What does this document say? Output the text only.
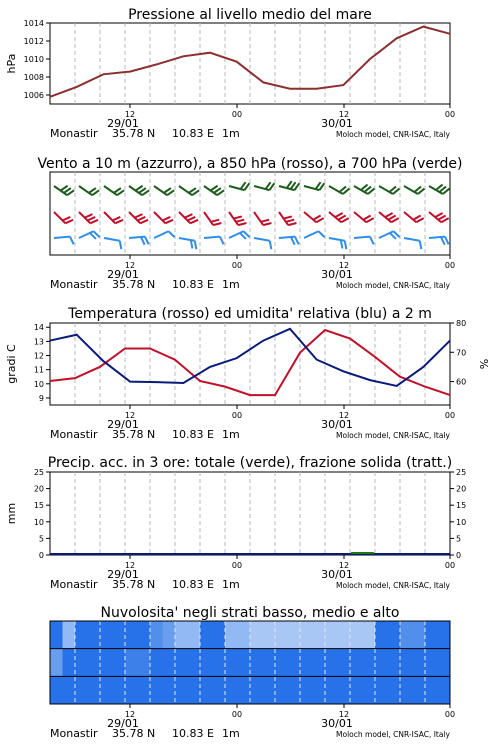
Pressione al livello medio del mare
1006
1008
1010
1012
1014
hPa
12	00	12	00
29/01	30/01
Monastir 35.78 N 10.83 E 1m	Moloch model, CNR-ISAC, Italy
Vento a 10 m (azzurro), a 850 hPa (rosso), a 700 hPa (verde)
12	00	12	00
29/01	30/01
Monastir 35.78 N 10.83 E 1m	Moloch model, CNR-ISAC, Italy
Temperatura (rosso) ed umidita' relativa (blu) a 2 m
9
10
11
12
13
14
60
70
80
gradi C	%
12	00	12	00
29/01	30/01
Monastir 35.78 N 10.83 E 1m	Moloch model, CNR-ISAC, Italy
Precip. acc. in 3 ore: totale (verde), frazione solida (tratt.)
0	0
5	5
10	10
15	15
20	20
25	25
mm
12	00	12	00
29/01	30/01
Monastir 35.78 N 10.83 E 1m	Moloch model, CNR-ISAC, Italy
Nuvolosita' negli strati basso, medio e alto
12	00	12	00
29/01	30/01
Monastir 35.78 N 10.83 E 1m	Moloch model, CNR-ISAC, Italy
